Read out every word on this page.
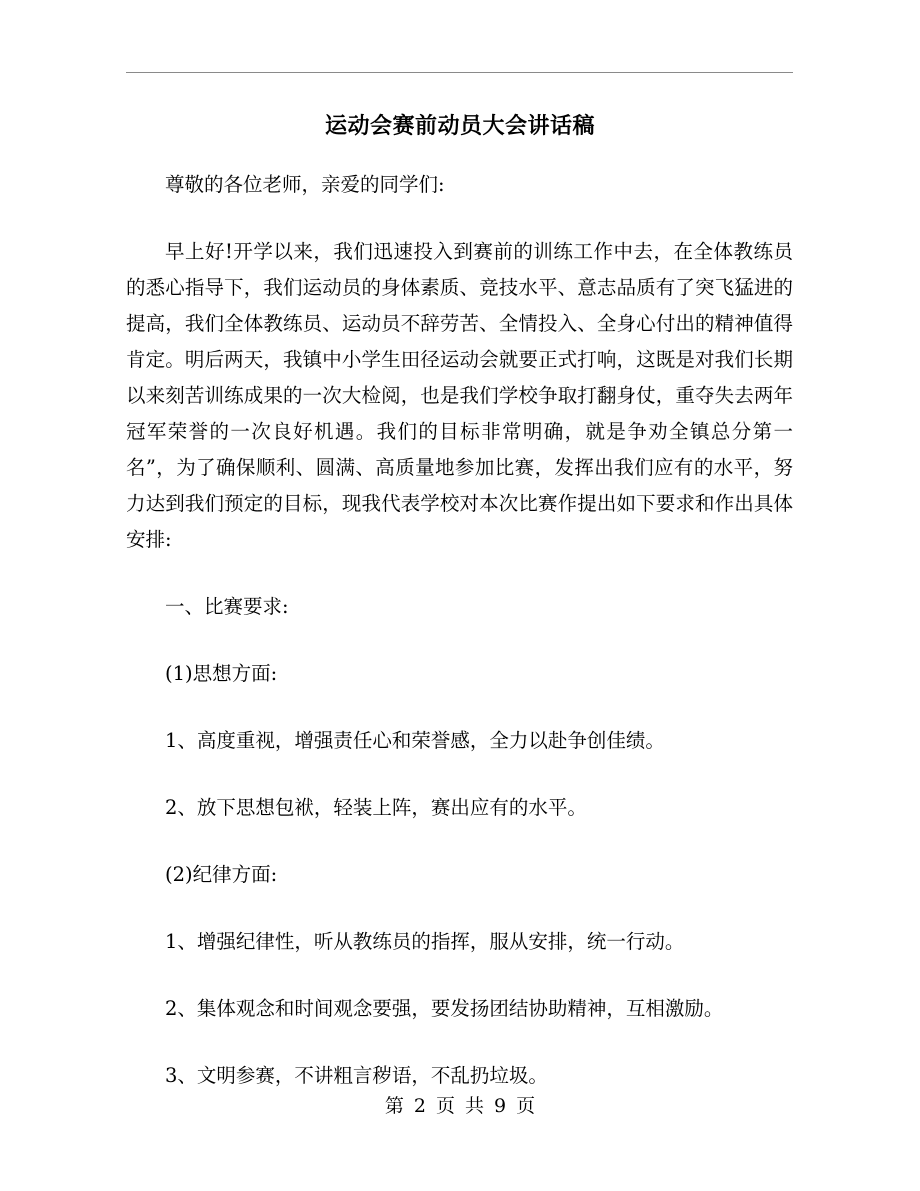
运动会赛前动员大会讲话稿

尊敬的各位老师，亲爱的同学们:

早上好!开学以来，我们迅速投入到赛前的训练工作中去，在全体教练员的悉心指导下，我们运动员的身体素质、竞技水平、意志品质有了突飞猛进的提高，我们全体教练员、运动员不辞劳苦、全情投入、全身心付出的精神值得肯定。明后两天，我镇中小学生田径运动会就要正式打响，这既是对我们长期以来刻苦训练成果的一次大检阅，也是我们学校争取打翻身仗，重夺失去两年冠军荣誉的一次良好机遇。我们的目标非常明确，就是争劝全镇总分第一名”，为了确保顺利、圆满、高质量地参加比赛，发挥出我们应有的水平，努力达到我们预定的目标，现我代表学校对本次比赛作提出如下要求和作出具体安排:

一、比赛要求:

(1)思想方面:

1、高度重视，增强责任心和荣誉感，全力以赴争创佳绩。

2、放下思想包袱，轻装上阵，赛出应有的水平。

(2)纪律方面:

1、增强纪律性，听从教练员的指挥，服从安排，统一行动。

2、集体观念和时间观念要强，要发扬团结协助精神，互相激励。

3、文明参赛，不讲粗言秽语，不乱扔垃圾。

第 2 页 共 9 页
